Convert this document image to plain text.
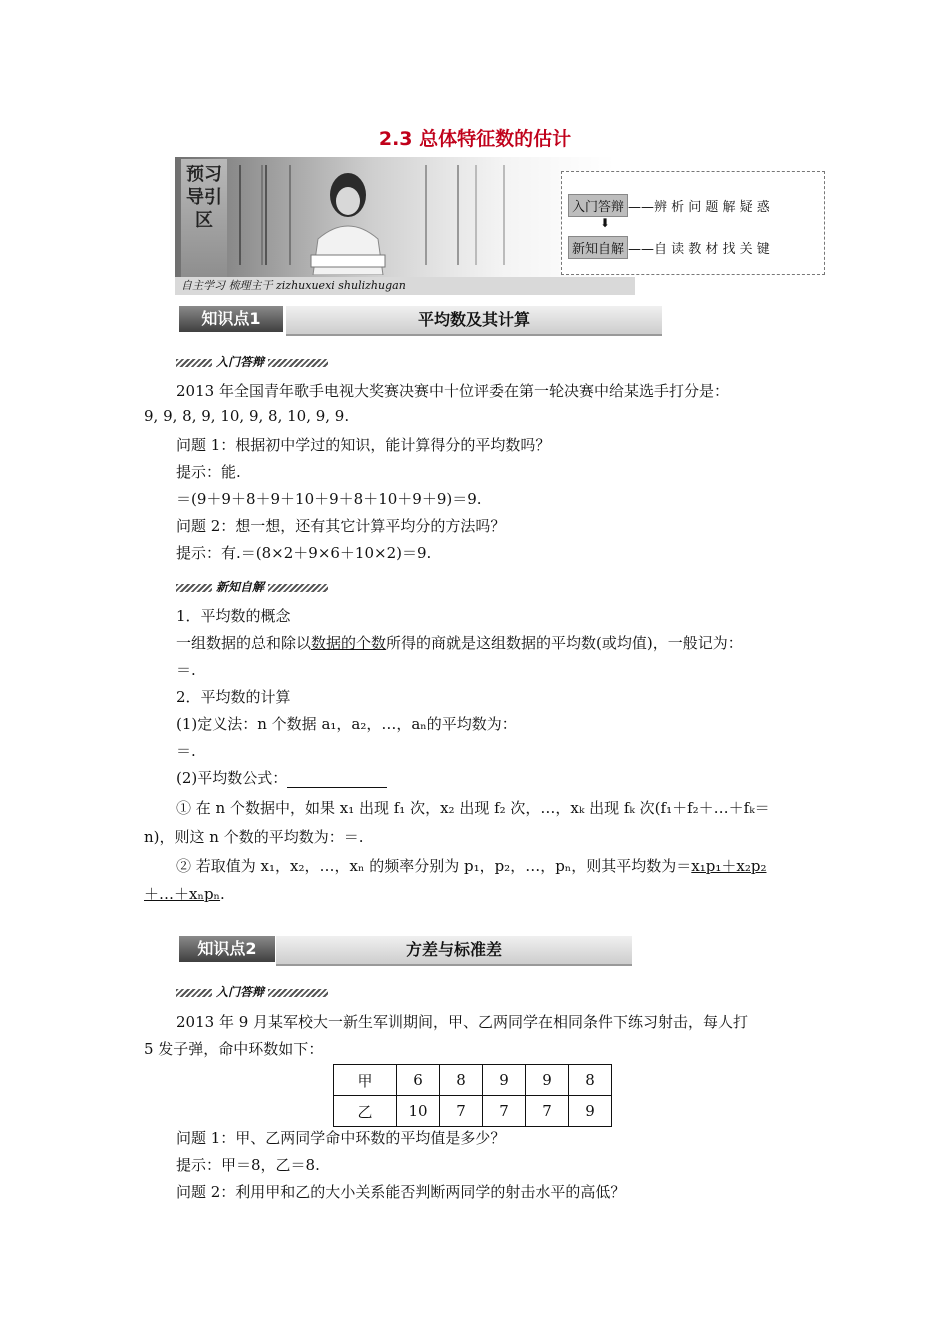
2.3 总体特征数的估计
预习导引区
自主学习 梳理主干 zizhuxuexi shulizhugan
入门答辩 ——辨 析 问 题 解 疑 惑
⬇
新知自解 ——自 读 教 材 找 关 键
知识点1	平均数及其计算
入门答辩
2013 年全国青年歌手电视大奖赛决赛中十位评委在第一轮决赛中给某选手打分是：
9, 9, 8, 9, 10, 9, 8, 10, 9, 9.
问题 1：根据初中学过的知识，能计算得分的平均数吗？
提示：能.
＝(9＋9＋8＋9＋10＋9＋8＋10＋9＋9)＝9.
问题 2：想一想，还有其它计算平均分的方法吗？
提示：有.＝(8×2＋9×6＋10×2)＝9.
新知自解
1．平均数的概念
一组数据的总和除以数据的个数所得的商就是这组数据的平均数(或均值)，一般记为：
＝.
2．平均数的计算
(1)定义法：n 个数据 a₁，a₂，…，aₙ的平均数为：
＝.
(2)平均数公式：
① 在 n 个数据中，如果 x₁ 出现 f₁ 次，x₂ 出现 f₂ 次，…，xₖ 出现 fₖ 次(f₁＋f₂＋…＋fₖ＝
n)，则这 n 个数的平均数为：＝.
② 若取值为 x₁，x₂，…，xₙ 的频率分别为 p₁，p₂，…，pₙ，则其平均数为＝x₁p₁＋x₂p₂
＋…＋xₙpₙ.
知识点2	方差与标准差
入门答辩
2013 年 9 月某军校大一新生军训期间，甲、乙两同学在相同条件下练习射击，每人打
5 发子弹，命中环数如下：
甲	6	8	9	9	8
乙	10	7	7	7	9
问题 1：甲、乙两同学命中环数的平均值是多少？
提示：甲＝8，乙＝8.
问题 2：利用甲和乙的大小关系能否判断两同学的射击水平的高低？
